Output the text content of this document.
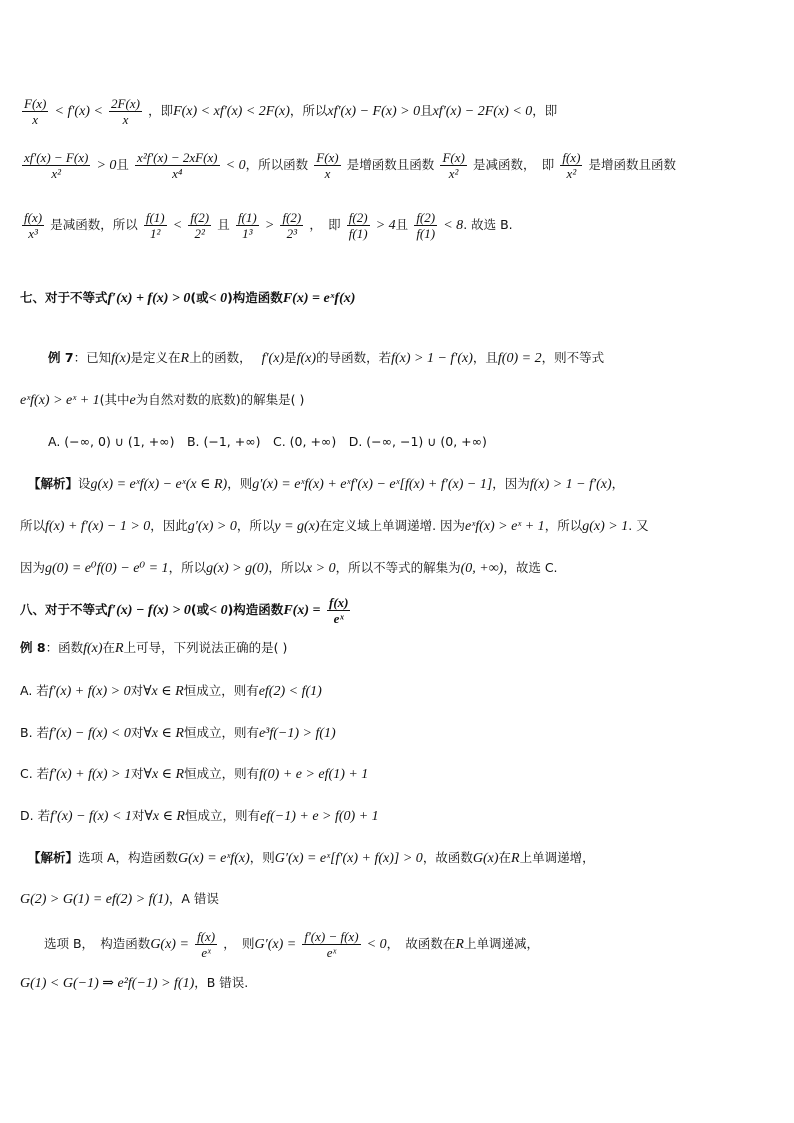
$\frac{F(x)}{x} < f'(x) < \frac{2F(x)}{x}$ ，即F(x) < xf′(x) < 2F(x)，所以xf′(x) − F(x) > 0且xf′(x) − 2F(x) < 0，即
$\frac{xf'(x) - F(x)}{\text{x²}} > 0$且 $\frac{\text{x²f′(x) − 2xF(x)}}{\text{x⁴}} < 0$，所以函数 $\frac{F(x)}{x}$ 是增函数且函数 $\frac{F(x)}{\text{x²}}$ 是减函数，　即 $\frac{f(x)}{\text{x²}}$ 是增函数且函数
$\frac{f(x)}{\text{x³}}$ 是减函数，所以 $\frac{f(1)}{\text{1²}} < \frac{f(2)}{\text{2²}}$ 且 $\frac{f(1)}{\text{1³}} > \frac{f(2)}{\text{2³}}$ ，　即 $\frac{f(2)}{f(1)} > 4$且 $\frac{f(2)}{f(1)} < 8$. 故选 B.
七、对于不等式f′(x) + f(x) > 0(或< 0)构造函数F(x) = eˣf(x)
例 7：已知f(x)是定义在R上的函数， f′(x)是f(x)的导函数，若f(x) > 1 − f′(x)，且f(0) = 2，则不等式
eˣf(x) > eˣ + 1(其中e为自然对数的底数)的解集是( )
A. (−∞, 0) ∪ (1, +∞)　B. (−1, +∞)　C. (0, +∞)　D. (−∞, −1) ∪ (0, +∞)
【解析】设g(x) = eˣf(x) − eˣ(x ∈ R)，则g′(x) = eˣf(x) + eˣf′(x) − eˣ[f(x) + f′(x) − 1]，因为f(x) > 1 − f′(x)，
所以f(x) + f′(x) − 1 > 0，因此g′(x) > 0，所以y = g(x)在定义域上单调递增. 因为eˣf(x) > eˣ + 1，所以g(x) > 1. 又
因为g(0) = e⁰f(0) − e⁰ = 1，所以g(x) > g(0)，所以x > 0，所以不等式的解集为(0, +∞)，故选 C.
八、对于不等式f′(x) − f(x) > 0(或< 0)构造函数$F(x) = \frac{f(x)}{\text{eˣ}}$
例 8：函数f(x)在R上可导，下列说法正确的是( )
A. 若f′(x) + f(x) > 0对∀x ∈ R恒成立，则有ef(2) < f(1)
B. 若f′(x) − f(x) < 0对∀x ∈ R恒成立，则有e³f(−1) > f(1)
C. 若f′(x) + f(x) > 1对∀x ∈ R恒成立，则有f(0) + e > ef(1) + 1
D. 若f′(x) − f(x) < 1对∀x ∈ R恒成立，则有ef(−1) + e > f(0) + 1
【解析】选项 A，构造函数G(x) = eˣf(x)，则G′(x) = eˣ[f′(x) + f(x)] > 0，故函数G(x)在R上单调递增，
G(2) > G(1) = ef(2) > f(1)，A 错误
选项 B，　构造函数$G(x) = \frac{f(x)}{\text{eˣ}}$ ，　则$G'(x) = \frac{f'(x) - f(x)}{\text{eˣ}} < 0$，　故函数在R上单调递减，
G(1) < G(−1) ⇒ e²f(−1) > f(1)，B 错误.
